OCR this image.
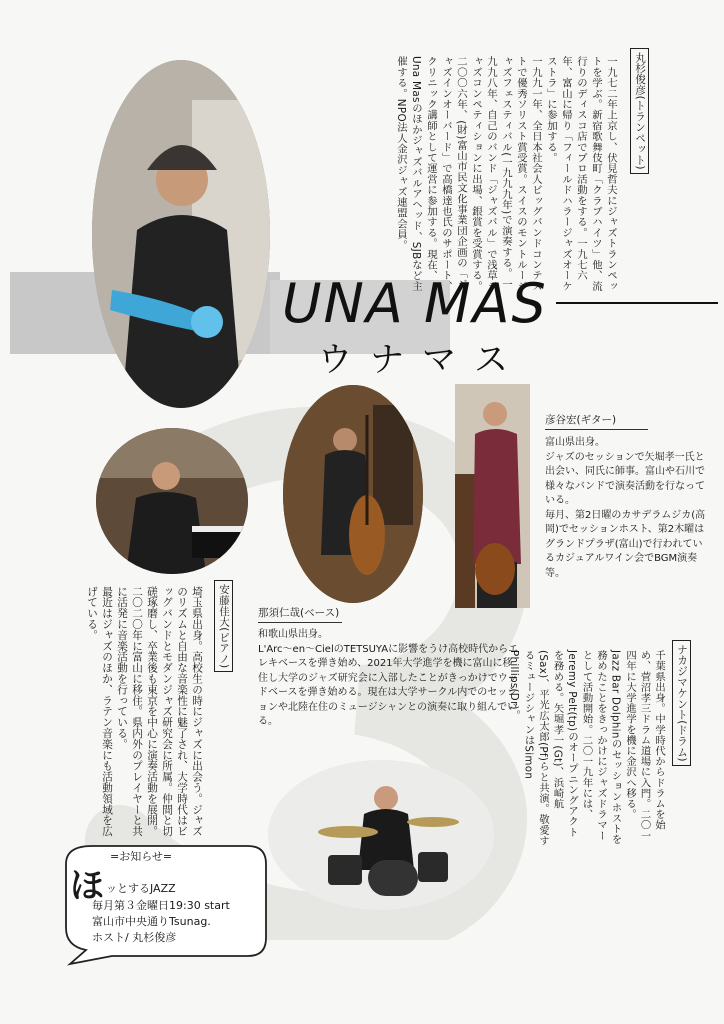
丸杉俊彦(トランペット)

一九七二年上京し、伏見哲夫にジャズトランペットを学ぶ。新宿歌舞伎町「クラブハイツ」他、流行りのディスコ店でプロ活動をする。一九七六年、富山に帰り「フィールドハラージャズオーケストラ」に参加する。

一九九一年、全日本社会人ビッグバンドコンテストで優秀ソリスト賞受賞。スイスのモントルージャズフェスティバル(一九九九年)で演奏する。一九九八年、自己のバンド「ジャズバル」で浅草ジャズコンペティションに出場、銀賞を受賞する。二〇〇六年、(財)富山市民文化事業団企画の「ジャズインオーバード」で高橋達也氏のサポート、クリニック講師として運営に参加する。現在、Una Masのほかジャズバルアヘッド、SJBなど主催する。NPO法人金沢ジャズ連盟会員。

UNA MAS
ウナマス
彦谷宏(ギター)

富山県出身。

ジャズのセッションで矢堀孝一氏と出会い、同氏に師事。富山や石川で様々なバンドで演奏活動を行なっている。

毎月、第2日曜のカサデラムジカ(高岡)でセッションホスト、第2木曜はグランドプラザ(富山)で行われているカジュアルワイン会でBGM演奏等。

那須仁哉(ベース)

和歌山県出身。

L'Arc〜en〜CielのTETSUYAに影響をうけ高校時代からエレキベースを弾き始め、2021年大学進学を機に富山に移住し大学のジャズ研究会に入部したことがきっかけでウッドベースを弾き始める。現在は大学サークル内でのセッションや北陸在住のミュージシャンとの演奏に取り組んでいる。

安藤佳大(ピアノ)

埼玉県出身。高校生の時にジャズに出会う。ジャズのリズムと自由な音楽性に魅了され、大学時代はビッグバンドとモダンジャズ研究会に所属。仲間と切磋琢磨し、卒業後も東京を中心に演奏活動を展開。二〇二〇年に富山に移住。県内外のプレイヤーと共に活発に音楽活動を行っている。

最近はジャズのほか、ラテン音楽にも活動領域を広げている。

ナカジマケント(ドラム)

千葉県出身。中学時代からドラムを始め、菅沼孝三ドラム道場に入門。二〇一四年に大学進学を機に金沢へ移る。

Jazz Bar Dolphinのセッションホストを務めたことをきっかけにジャズドラマーとして活動開始。二〇一九年には、Jeremy Pelt(tp)のオープニングアクトを務める。矢堀孝一(Gt)、浜崎航(Sax)、平光広太郎(Pf)らと共演。敬愛するミュージシャンはSimon Phillips(Dr)。

=お知らせ=
ほ ッとするJAZZ
毎月第３金曜日19:30 start
富山市中央通りTsunag.
ホスト/ 丸杉俊彦
